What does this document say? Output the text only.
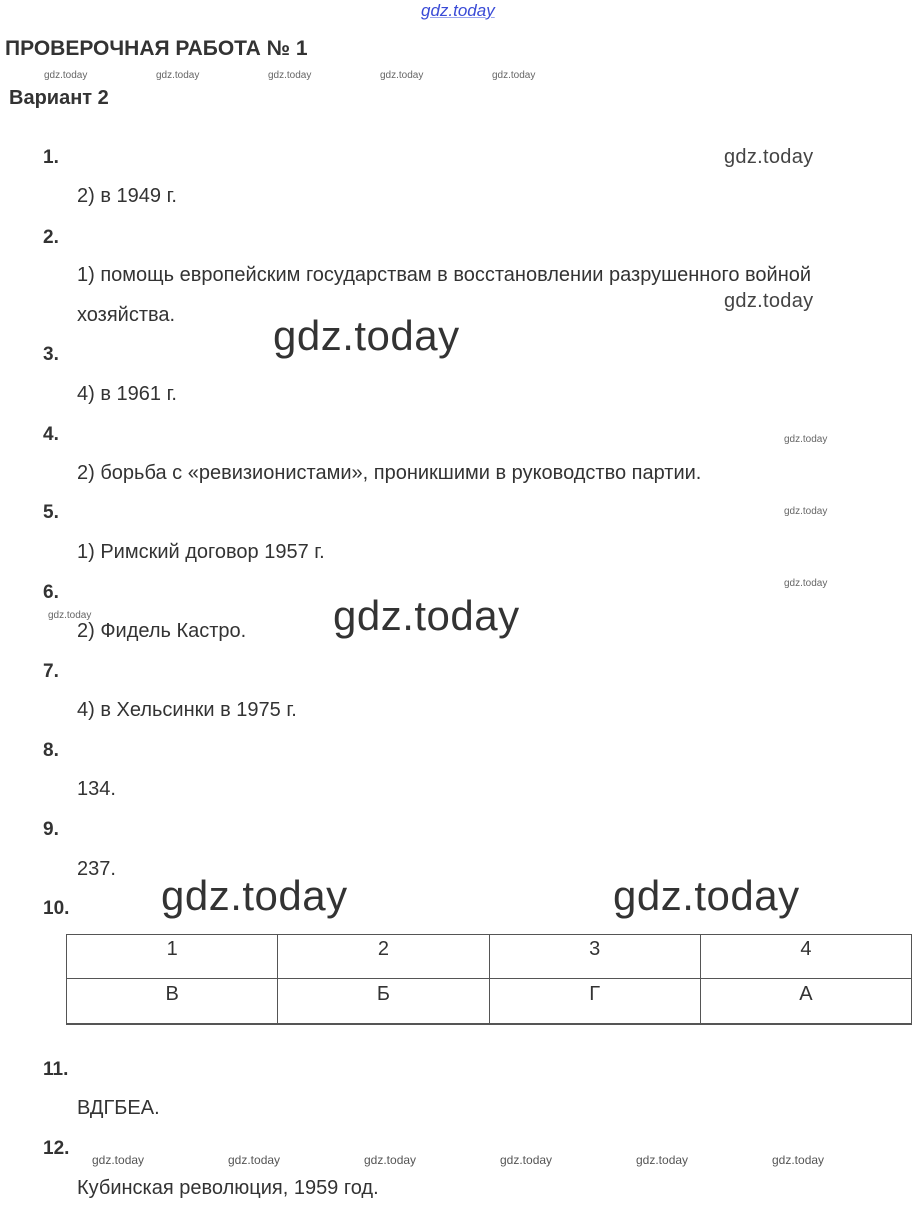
gdz.today
ПРОВЕРОЧНАЯ РАБОТА № 1
gdz.today	gdz.today	gdz.today	gdz.today	gdz.today
Вариант 2
1.	gdz.today
2) в 1949 г.
2.
1) помощь европейским государствам в восстановлении разрушенного войной хозяйства.
gdz.today
gdz.today
3.
4) в 1961 г.
4.	gdz.today
2) борьба с «ревизионистами», проникшими в руководство партии.
5.	gdz.today
1) Римский договор 1957 г.
gdz.today
6.
gdz.today	gdz.today
2) Фидель Кастро.
7.
4) в Хельсинки в 1975 г.
8.
134.
9.
237.
gdz.today	gdz.today
10.
1	2	3	4
В	Б	Г	А
11.
ВДГБЕА.
12.
gdz.today	gdz.today	gdz.today	gdz.today	gdz.today	gdz.today
Кубинская революция, 1959 год.
